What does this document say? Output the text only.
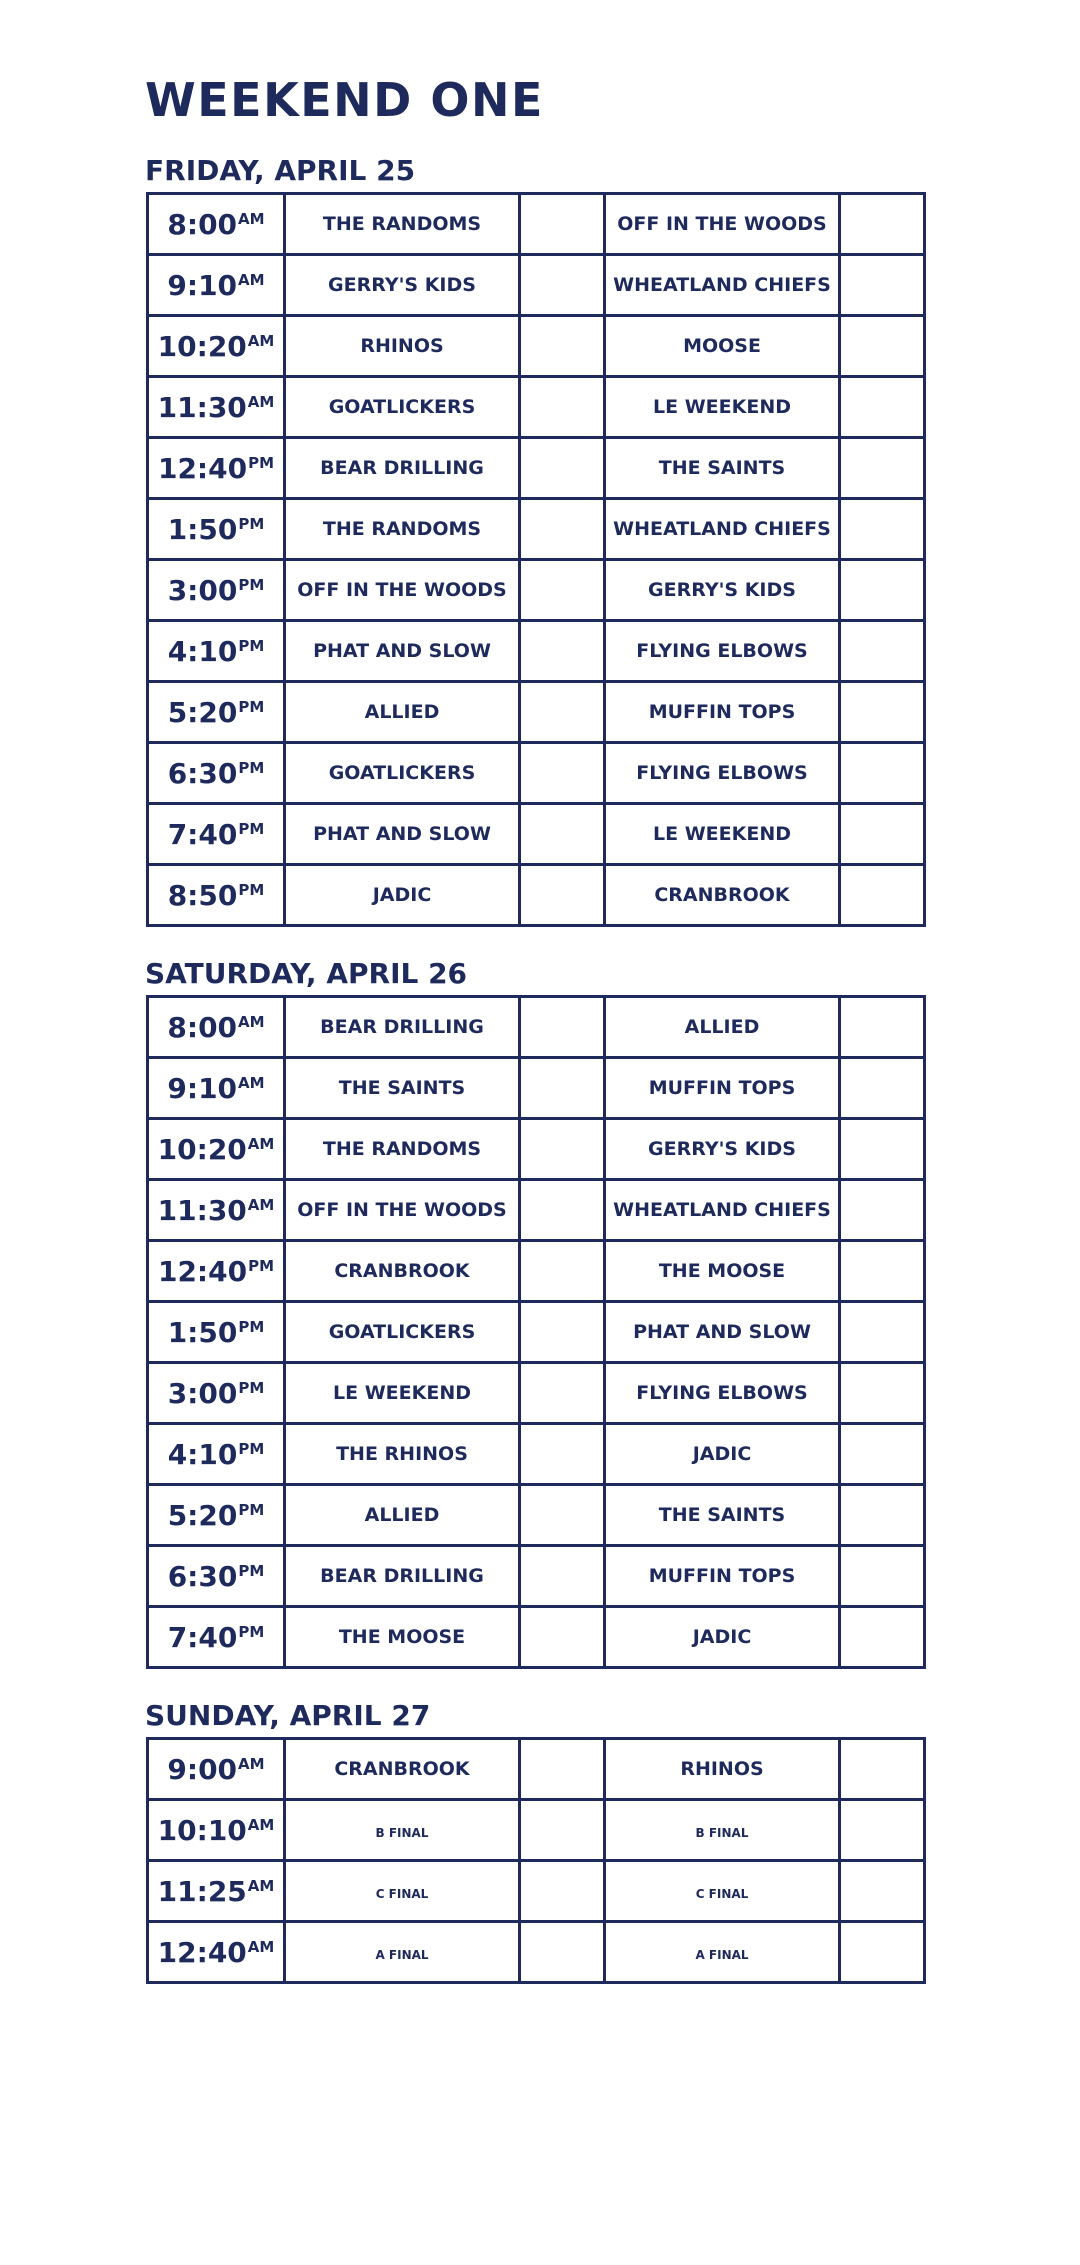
WEEKEND ONE
FRIDAY, APRIL 25
$8:00^{AM}$	THE RANDOMS		OFF IN THE WOODS	
$9:10^{AM}$	GERRY'S KIDS		WHEATLAND CHIEFS	
$10:20^{AM}$	RHINOS		MOOSE	
$11:30^{AM}$	GOATLICKERS		LE WEEKEND	
$12:40^{PM}$	BEAR DRILLING		THE SAINTS	
$1:50^{PM}$	THE RANDOMS		WHEATLAND CHIEFS	
$3:00^{PM}$	OFF IN THE WOODS		GERRY'S KIDS	
$4:10^{PM}$	PHAT AND SLOW		FLYING ELBOWS	
$5:20^{PM}$	ALLIED		MUFFIN TOPS	
$6:30^{PM}$	GOATLICKERS		FLYING ELBOWS	
$7:40^{PM}$	PHAT AND SLOW		LE WEEKEND	
$8:50^{PM}$	JADIC		CRANBROOK	
SATURDAY, APRIL 26
$8:00^{AM}$	BEAR DRILLING		ALLIED	
$9:10^{AM}$	THE SAINTS		MUFFIN TOPS	
$10:20^{AM}$	THE RANDOMS		GERRY'S KIDS	
$11:30^{AM}$	OFF IN THE WOODS		WHEATLAND CHIEFS	
$12:40^{PM}$	CRANBROOK		THE MOOSE	
$1:50^{PM}$	GOATLICKERS		PHAT AND SLOW	
$3:00^{PM}$	LE WEEKEND		FLYING ELBOWS	
$4:10^{PM}$	THE RHINOS		JADIC	
$5:20^{PM}$	ALLIED		THE SAINTS	
$6:30^{PM}$	BEAR DRILLING		MUFFIN TOPS	
$7:40^{PM}$	THE MOOSE		JADIC	
SUNDAY, APRIL 27
$9:00^{AM}$	CRANBROOK		RHINOS	
$10:10^{AM}$	B FINAL		B FINAL	

$11:25^{AM}$	C FINAL		C FINAL	

$12:40^{AM}$	A FINAL		A FINAL	
